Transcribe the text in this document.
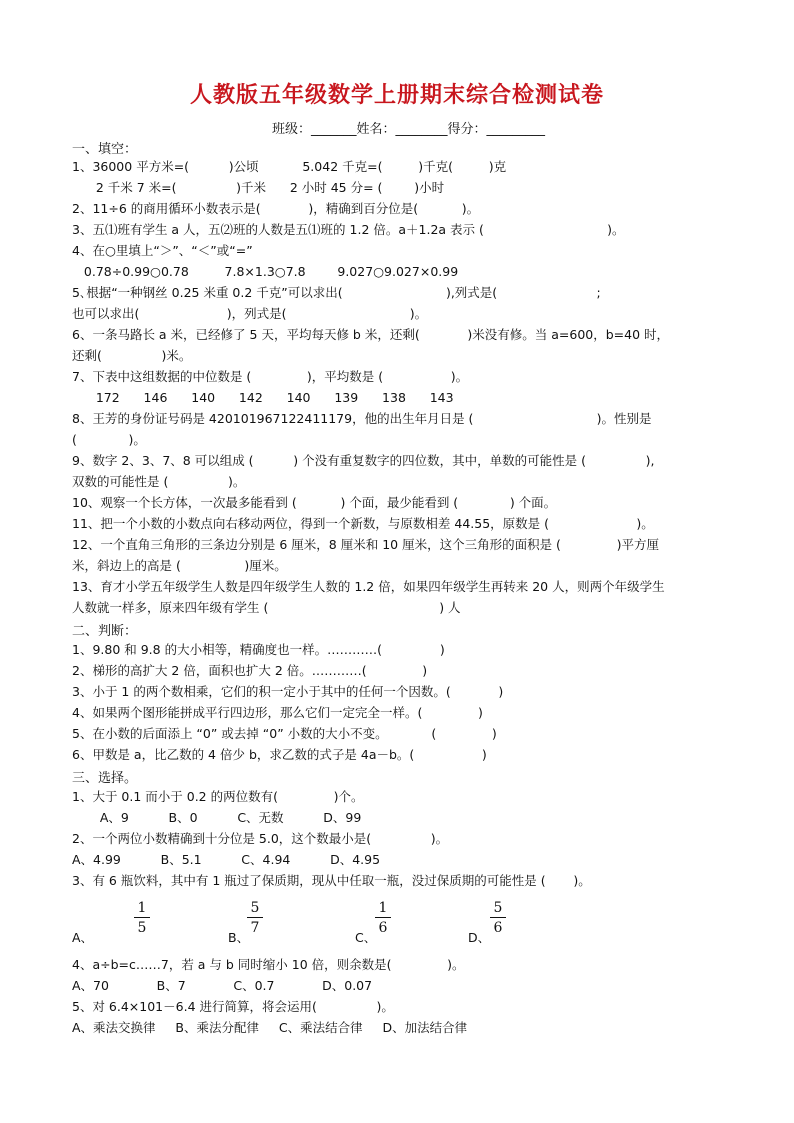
人教版五年级数学上册期末综合检测试卷
班级：_______姓名：________得分：_________
一、填空：
1、36000 平方米=(          )公顷           5.042 千克=(         )千克(         )克
2 千米 7 米=(               )千米      2 小时 45 分= (        )小时
2、11÷6 的商用循环小数表示是(            )，精确到百分位是(           )。
3、五⑴班有学生 a 人，五⑵班的人数是五⑴班的 1.2 倍。a＋1.2a 表示 (                               )。
4、在○里填上“＞”、“＜”或“=”
0.78÷0.99○0.78         7.8×1.3○7.8        9.027○9.027×0.99
5､根据“一种钢丝 0.25 米重 0.2 千克”可以求出(                          ),列式是(                         ;
也可以求出(                      )，列式是(                               )。
6、一条马路长 a 米，已经修了 5 天，平均每天修 b 米，还剩(            )米没有修。当 a=600，b=40 时，
还剩(               )米。
7、下表中这组数据的中位数是 (              )，平均数是 (                 )。
172      146      140      142      140      139      138      143
8、王芳的身份证号码是 420101967122411179，他的出生年月日是 (                               )。性别是
(             )。
9、数字 2、3、7、8 可以组成 (          ) 个没有重复数字的四位数，其中，单数的可能性是 (               ),
双数的可能性是 (               )。
10、观察一个长方体，一次最多能看到 (           ) 个面，最少能看到 (             ) 个面。
11、把一个小数的小数点向右移动两位，得到一个新数，与原数相差 44.55，原数是 (                      )。
12、一个直角三角形的三条边分别是 6 厘米，8 厘米和 10 厘米，这个三角形的面积是 (              )平方厘
米，斜边上的高是 (                )厘米。
13、育才小学五年级学生人数是四年级学生人数的 1.2 倍，如果四年级学生再转来 20 人，则两个年级学生
人数就一样多，原来四年级有学生 (                                           ) 人
二、判断：
1、9.80 和 9.8 的大小相等，精确度也一样。…………( 　　　　 )
2、梯形的高扩大 2 倍，面积也扩大 2 倍。…………(              )
3、小于 1 的两个数相乘，它们的积一定小于其中的任何一个因数。(            )
4、如果两个图形能拼成平行四边形，那么它们一定完全一样。(              )
5、在小数的后面添上 “0” 或去掉 “0” 小数的大小不变。           (              )
6、甲数是 a，比乙数的 4 倍少 b，求乙数的式子是 4a－b。(                 )
三、选择。
1、大于 0.1 而小于 0.2 的两位数有(              )个。
A、9          B、0          C、无数          D、99
2、一个两位小数精确到十分位是 5.0，这个数最小是(               )。
A、4.99          B、5.1          C、4.94          D、4.95
3、有 6 瓶饮料，其中有 1 瓶过了保质期，现从中任取一瓶，没过保质期的可能性是 (       )。
A、
1
5
B、
5
7
C、
1
6
D、
5
6
4、a÷b=c……7，若 a 与 b 同时缩小 10 倍，则余数是(              )。
A、70            B、7            C、0.7            D、0.07
5、对 6.4×101－6.4 进行简算，将会运用(               )。
A、乘法交换律     B、乘法分配律     C、乘法结合律     D、加法结合律
